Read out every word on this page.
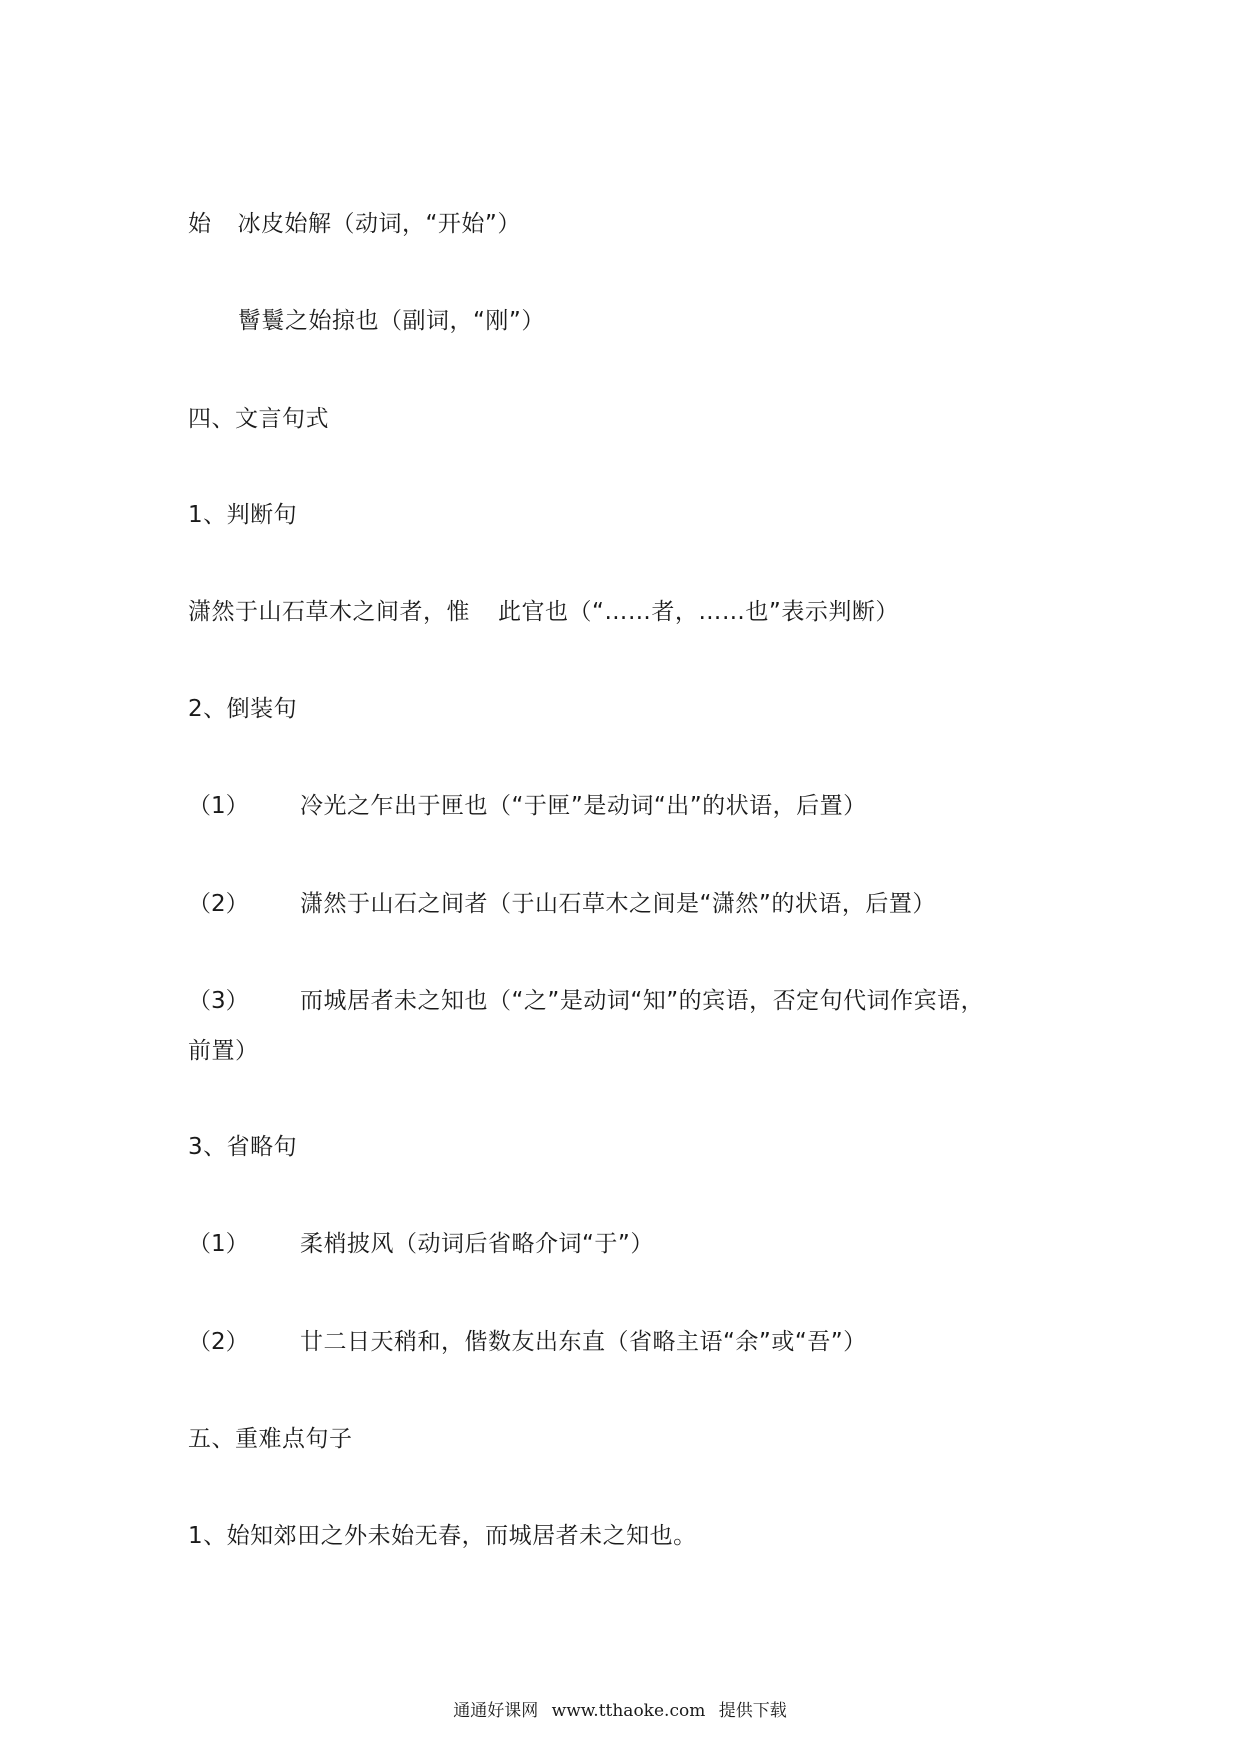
始 冰皮始解（动词，“开始”）
鬙鬟之始掠也（副词，“刚”）
四、文言句式
1、判断句
潇然于山石草木之间者，惟 此官也（“……者，……也”表示判断）
2、倒装句
（1） 冷光之乍出于匣也（“于匣”是动词“出”的状语，后置）
（2） 潇然于山石之间者（于山石草木之间是“潇然”的状语，后置）
（3） 而城居者未之知也（“之”是动词“知”的宾语，否定句代词作宾语，
前置）
3、省略句
（1） 柔梢披风（动词后省略介词“于”）
（2） 廿二日天稍和，偕数友出东直（省略主语“余”或“吾”）
五、重难点句子
1、始知郊田之外未始无春，而城居者未之知也。
通通好课网 www.tthaoke.com 提供下载
